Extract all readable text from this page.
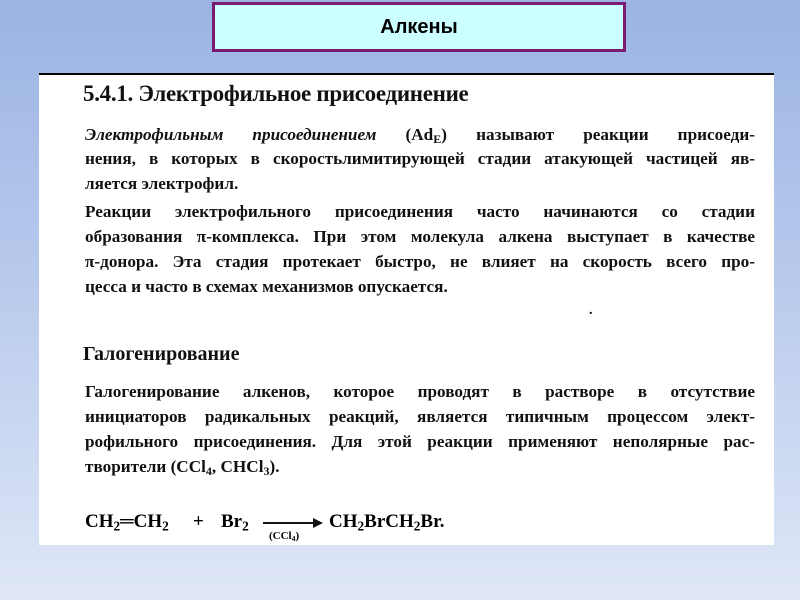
Алкены
5.4.1. Электрофильное присоединение
Электрофильным присоединением $(Ad_E)$ называют реакции присоеди-
нения, в которых в скоростьлимитирующей стадии атакующей частицей яв-
ляется электрофил.
Реакции электрофильного присоединения часто начинаются со стадии
образования π-комплекса. При этом молекула алкена выступает в качестве
π-донора. Эта стадия протекает быстро, не влияет на скорость всего про-
цесса и часто в схемах механизмов опускается.
.
Галогенирование
Галогенирование алкенов, которое проводят в растворе в отсутствие
инициаторов радикальных реакций, является типичным процессом элект-
рофильного присоединения. Для этой реакции применяют неполярные рас-
творители (CCl$_4$, CHCl$_3$).
$CH_2═CH_2 + Br_2$ →
(CCl$_4$)
$CH_2BrCH_2Br$.
